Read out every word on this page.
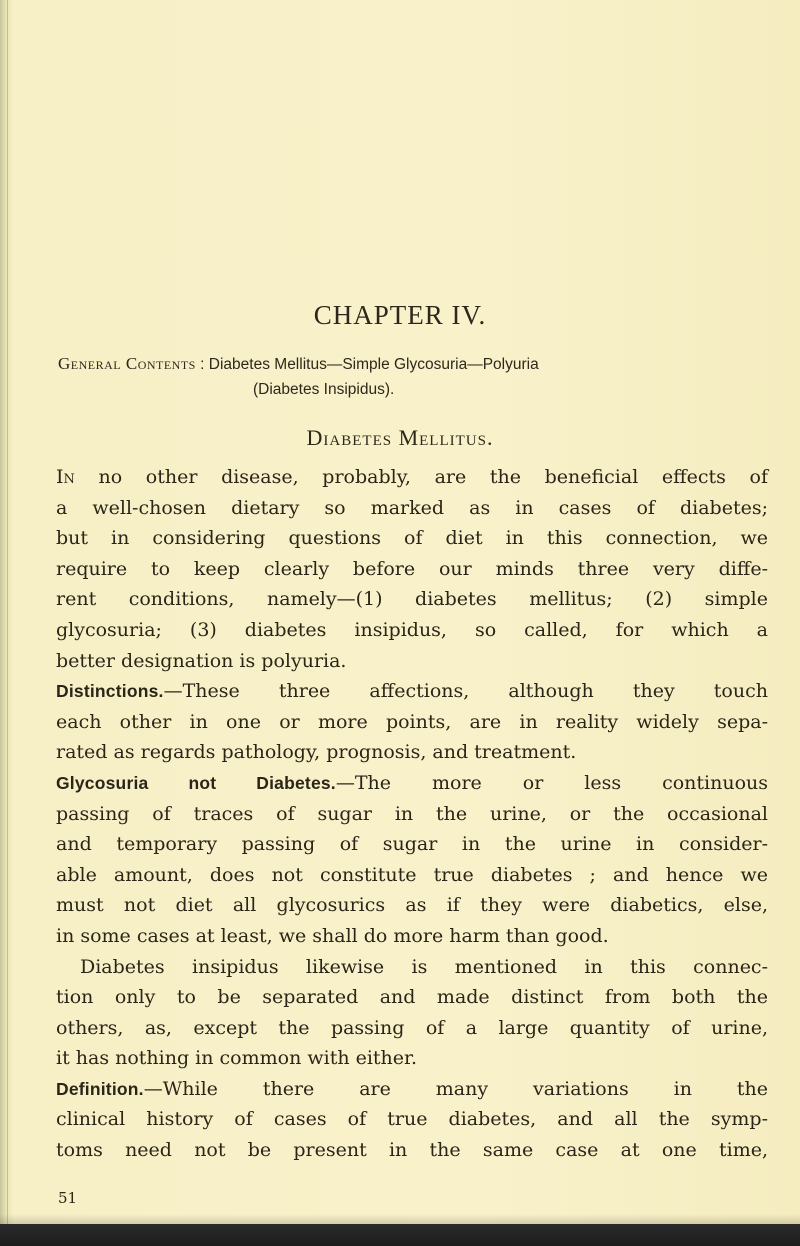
CHAPTER IV.
General Contents : Diabetes Mellitus—Simple Glycosuria—Polyuria
(Diabetes Insipidus).
Diabetes Mellitus.
In no other disease, probably, are the beneficial effects of
a well-chosen dietary so marked as in cases of diabetes;
but in considering questions of diet in this connection, we
require to keep clearly before our minds three very diffe-
rent conditions, namely—(1) diabetes mellitus; (2) simple
glycosuria; (3) diabetes insipidus, so called, for which a
better designation is polyuria.
Distinctions.—These three affections, although they touch
each other in one or more points, are in reality widely sepa-
rated as regards pathology, prognosis, and treatment.
Glycosuria not Diabetes.—The more or less continuous
passing of traces of sugar in the urine, or the occasional
and temporary passing of sugar in the urine in consider-
able amount, does not constitute true diabetes ; and hence we
must not diet all glycosurics as if they were diabetics, else,
in some cases at least, we shall do more harm than good.
Diabetes insipidus likewise is mentioned in this connec-
tion only to be separated and made distinct from both the
others, as, except the passing of a large quantity of urine,
it has nothing in common with either.
Definition.—While there are many variations in the
clinical history of cases of true diabetes, and all the symp-
toms need not be present in the same case at one time,
51
